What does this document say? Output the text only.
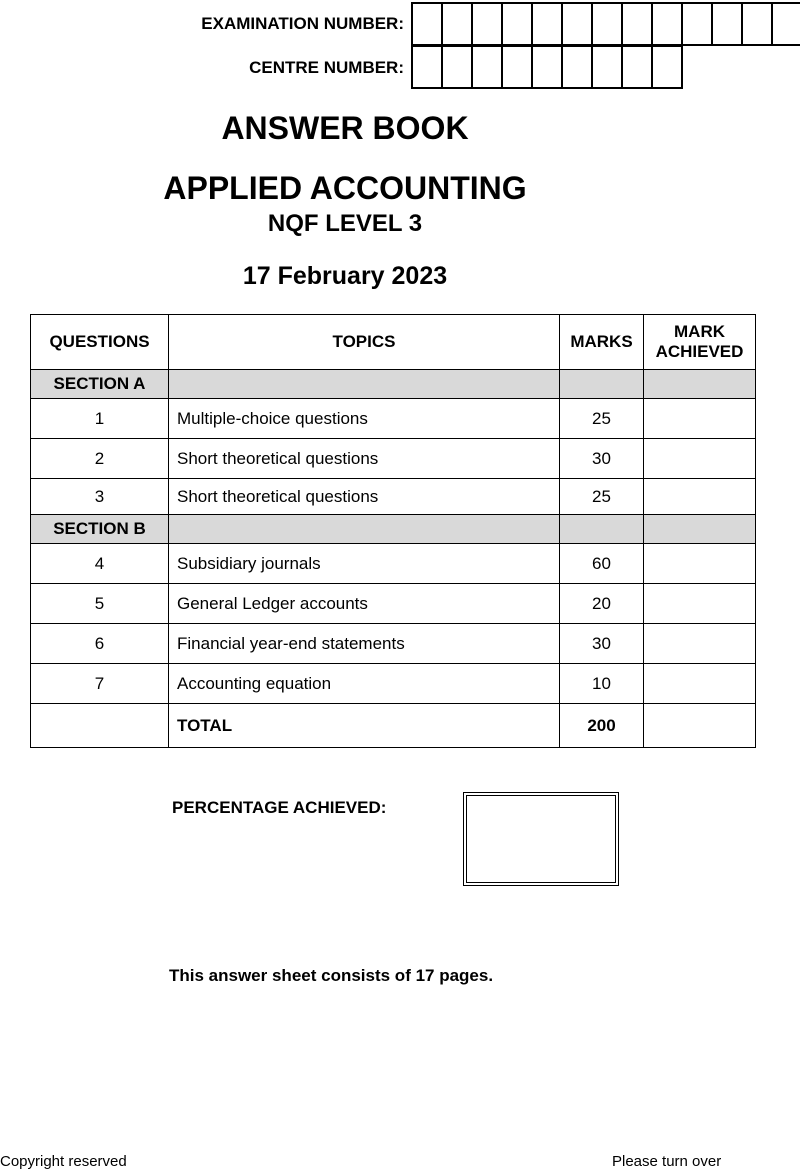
EXAMINATION NUMBER:
CENTRE NUMBER:
ANSWER BOOK
APPLIED ACCOUNTING
NQF LEVEL 3
17 February 2023
QUESTIONS	TOPICS	MARKS	MARK
ACHIEVED
SECTION A			
1	Multiple-choice questions	25	
2	Short theoretical questions	30	
3	Short theoretical questions	25	
SECTION B			
4	Subsidiary journals	60	
5	General Ledger accounts	20	
6	Financial year-end statements	30	
7	Accounting equation	10	
	TOTAL	200	
PERCENTAGE ACHIEVED:
This answer sheet consists of 17 pages.
Copyright reserved	Please turn over
